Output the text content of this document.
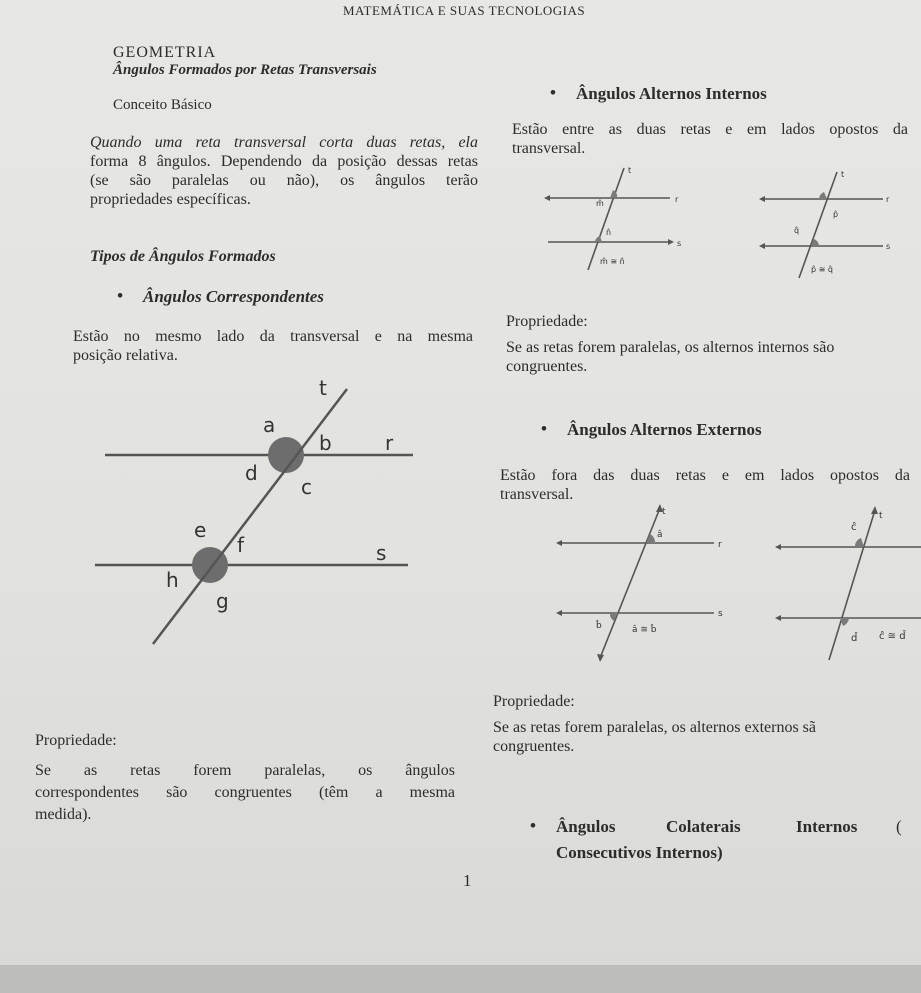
MATEMÁTICA E SUAS TECNOLOGIAS
GEOMETRIA
Ângulos Formados por Retas Transversais
Conceito Básico
Quando uma reta transversal corta duas retas, ela
forma 8 ângulos. Dependendo da posição dessas retas
(se são paralelas ou não), os ângulos terão
propriedades específicas.
Tipos de Ângulos Formados
• Ângulos Correspondentes
Estão no mesmo lado da transversal e na mesma
posição relativa.
t
r
s
a
b
d
c
e
f
h
g
Propriedade:
Se as retas forem paralelas, os ângulos
correspondentes são congruentes (têm a mesma
medida).
1
• Ângulos Alternos Internos
Estão entre as duas retas e em lados opostos da
transversal.
t
r
s
m̂
n̂
m̂ ≅ n̂
t
r
s
p̂
q̂
p̂ ≅ q̂
Propriedade:
Se as retas forem paralelas, os alternos internos são
congruentes.
• Ângulos Alternos Externos
Estão fora das duas retas e em lados opostos da
transversal.
t
r
s
â
b̂	â ≅ b̂
t
ĉ
d̂ ĉ ≅ d̂
Propriedade:
Se as retas forem paralelas, os alternos externos sã
congruentes.
• Ângulos	Colaterais	Internos (
Consecutivos Internos)
